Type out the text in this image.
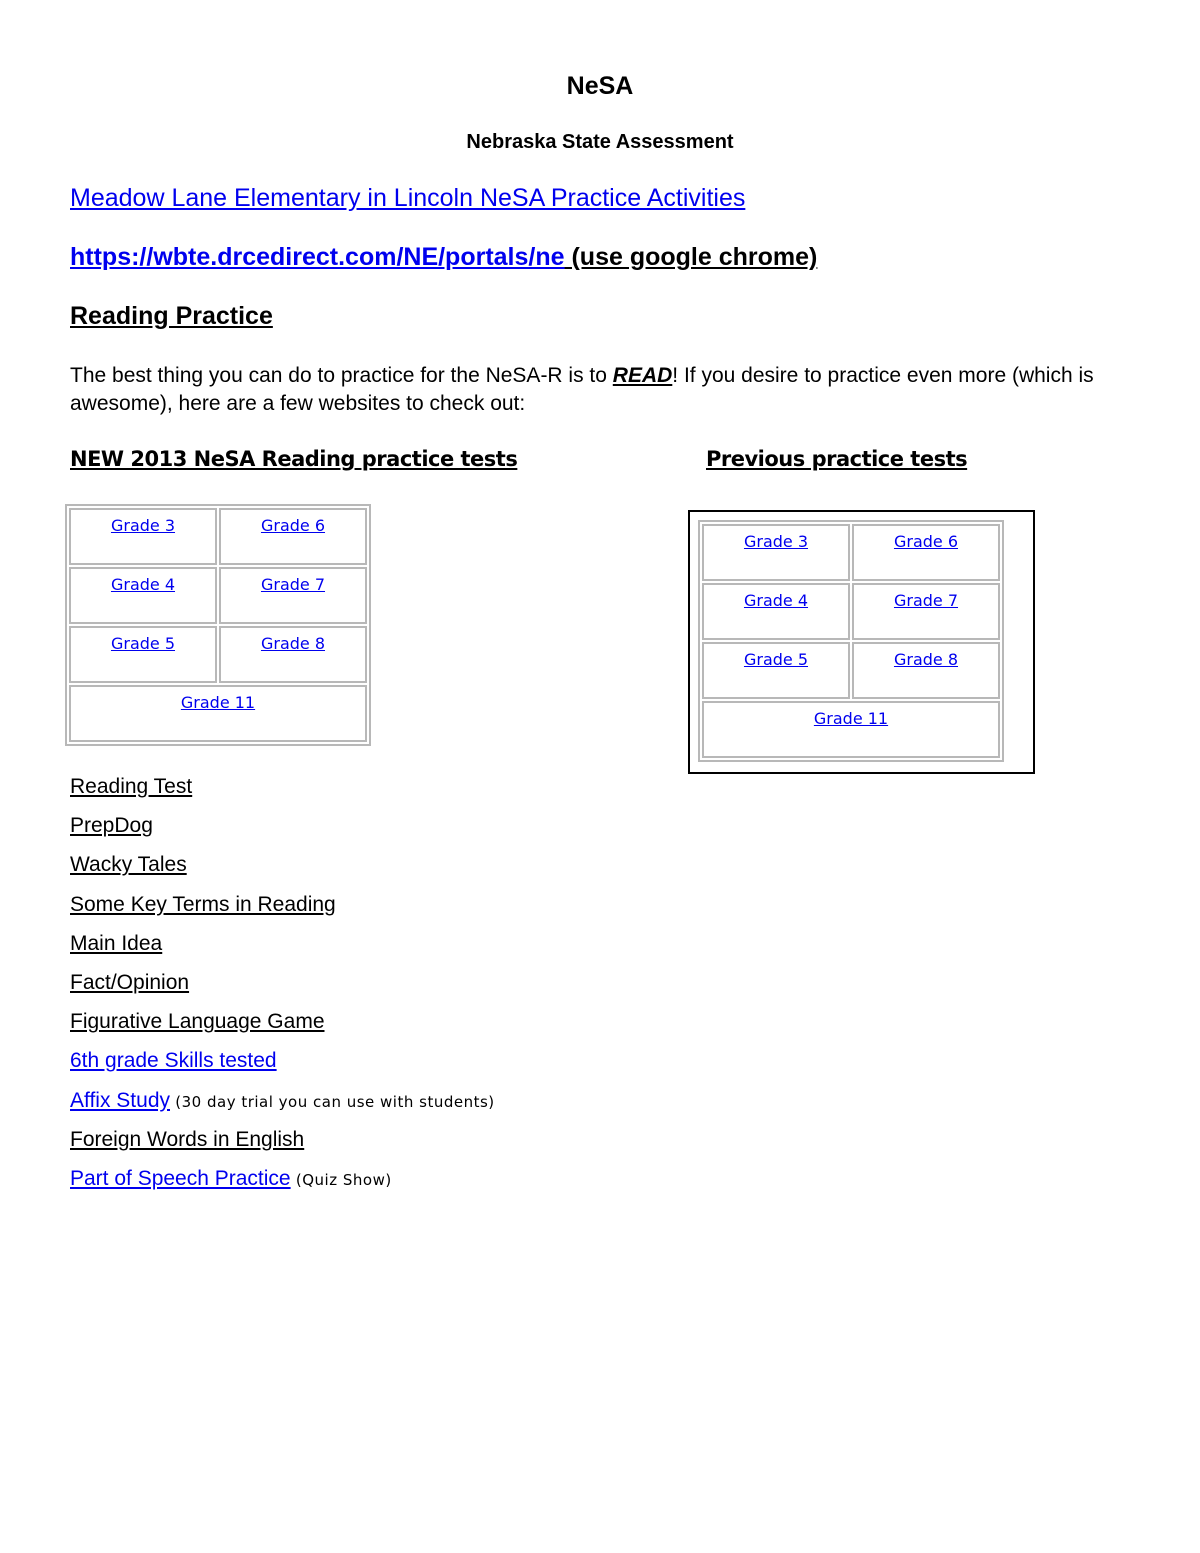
NeSA
Nebraska State Assessment
Meadow Lane Elementary in Lincoln NeSA Practice Activities
https://wbte.drcedirect.com/NE/portals/ne (use google chrome)
Reading Practice
The best thing you can do to practice for the NeSA-R is to READ! If you desire to practice even more (which is awesome), here are a few websites to check out:
NEW 2013 NeSA Reading practice tests	Previous practice tests
Grade 3	Grade 6
Grade 4	Grade 7
Grade 5	Grade 8
Grade 11	
Grade 3	Grade 6
Grade 4	Grade 7
Grade 5	Grade 8
Grade 11	
Reading Test
PrepDog
Wacky Tales
Some Key Terms in Reading
Main Idea
Fact/Opinion
Figurative Language Game
6th grade Skills tested
Affix Study (30 day trial you can use with students)
Foreign Words in English
Part of Speech Practice (Quiz Show)
